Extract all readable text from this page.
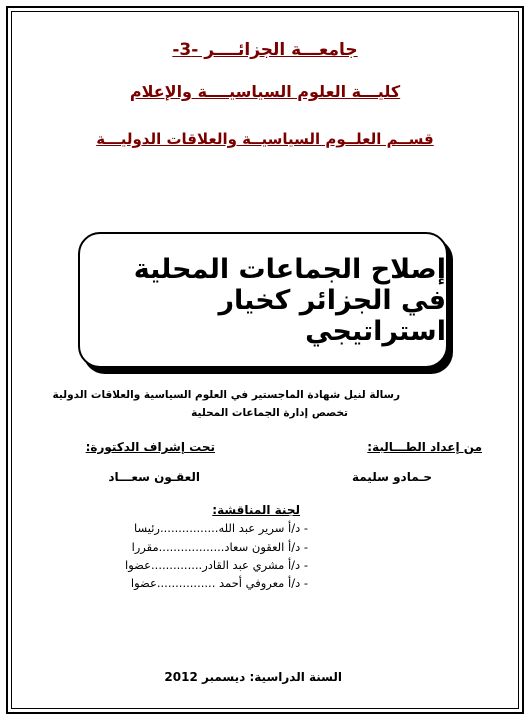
جامعـــة الجزائــــر -3-
كليـــة العلوم السياسيــــة والإعلام
قســم العلــوم السياسيــة والعلاقات الدوليـــة
إصلاح الجماعات المحلية في الجزائر كخيار استراتيجي
رسالة لنيل شهادة الماجستير في العلوم السياسية والعلاقات الدولية
تخصص إدارة الجماعات المحلية
من إعداد الطـــالبة:
حـمادو سليمة
تحت إشراف الدكتورة:
العقـون سعـــاد
لجنة المناقشة:
- د/أ سرير عبد الله................رئيسا
- د/أ العقون سعاد..................مقررا
- د/أ مشري عبد القادر..............عضوا
- د/أ معروفي أحمد ................عضوا
السنة الدراسية: ديسمبر 2012
